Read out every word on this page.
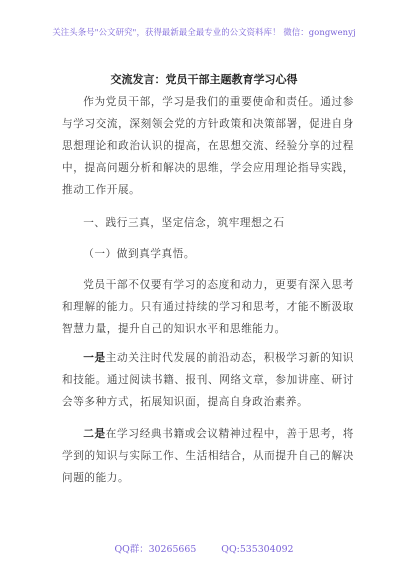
关注头条号"公文研究"，获得最新最全最专业的公文资料库！ 微信：gongwenyj
交流发言：党员干部主题教育学习心得

作为党员干部，学习是我们的重要使命和责任。通过参与学习交流，深刻领会党的方针政策和决策部署，促进自身思想理论和政治认识的提高，在思想交流、经验分享的过程中，提高问题分析和解决的思维，学会应用理论指导实践，推动工作开展。

一、践行三真，坚定信念，筑牢理想之石

（一）做到真学真悟。

党员干部不仅要有学习的态度和动力，更要有深入思考和理解的能力。只有通过持续的学习和思考，才能不断汲取智慧力量，提升自己的知识水平和思维能力。

一是主动关注时代发展的前沿动态，积极学习新的知识和技能。通过阅读书籍、报刊、网络文章，参加讲座、研讨会等多种方式，拓展知识面，提高自身政治素养。

二是在学习经典书籍或会议精神过程中，善于思考，将学到的知识与实际工作、生活相结合，从而提升自己的解决问题的能力。

QQ群：30265665	QQ:535304092
